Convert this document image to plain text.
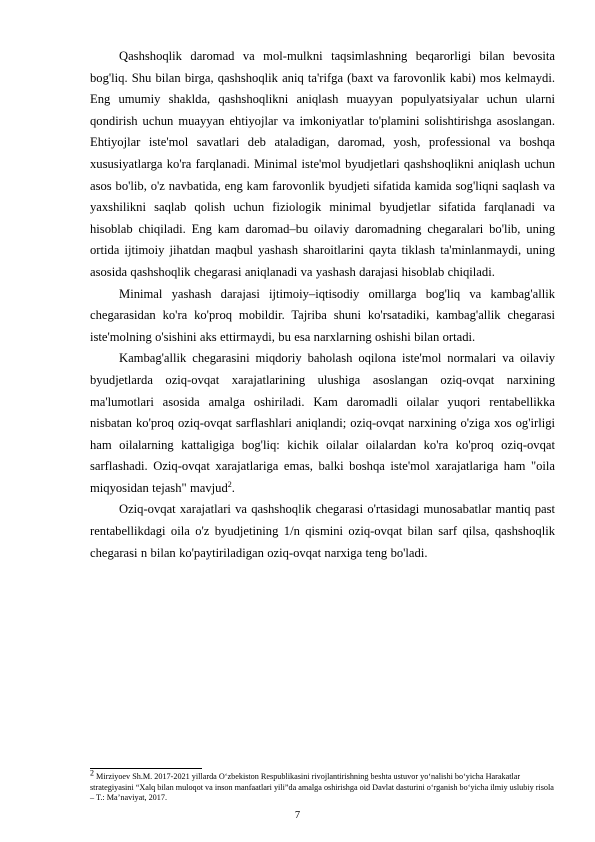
Qashshoqlik daromad va mol-mulkni taqsimlashning beqarorligi bilan bevosita bog'liq. Shu bilan birga, qashshoqlik aniq ta'rifga (baxt va farovonlik kabi) mos kelmaydi. Eng umumiy shaklda, qashshoqlikni aniqlash muayyan populyatsiyalar uchun ularni qondirish uchun muayyan ehtiyojlar va imkoniyatlar to'plamini solishtirishga asoslangan. Ehtiyojlar iste'mol savatlari deb ataladigan, daromad, yosh, professional va boshqa xususiyatlarga ko'ra farqlanadi. Minimal iste'mol byudjetlari qashshoqlikni aniqlash uchun asos bo'lib, o'z navbatida, eng kam farovonlik byudjeti sifatida kamida sog'liqni saqlash va yaxshilikni saqlab qolish uchun fiziologik minimal byudjetlar sifatida farqlanadi va hisoblab chiqiladi. Eng kam daromad–bu oilaviy daromadning chegaralari bo'lib, uning ortida ijtimoiy jihatdan maqbul yashash sharoitlarini qayta tiklash ta'minlanmaydi, uning asosida qashshoqlik chegarasi aniqlanadi va yashash darajasi hisoblab chiqiladi.

Minimal yashash darajasi ijtimoiy–iqtisodiy omillarga bog'liq va kambag'allik chegarasidan ko'ra ko'proq mobildir. Tajriba shuni ko'rsatadiki, kambag'allik chegarasi iste'molning o'sishini aks ettirmaydi, bu esa narxlarning oshishi bilan ortadi.

Kambag'allik chegarasini miqdoriy baholash oqilona iste'mol normalari va oilaviy byudjetlarda oziq-ovqat xarajatlarining ulushiga asoslangan oziq-ovqat narxining ma'lumotlari asosida amalga oshiriladi. Kam daromadli oilalar yuqori rentabellikka nisbatan ko'proq oziq-ovqat sarflashlari aniqlandi; oziq-ovqat narxining o'ziga xos og'irligi ham oilalarning kattaligiga bog'liq: kichik oilalar oilalardan ko'ra ko'proq oziq-ovqat sarflashadi. Oziq-ovqat xarajatlariga emas, balki boshqa iste'mol xarajatlariga ham "oila miqyosidan tejash" mavjud$^2$.

Oziq-ovqat xarajatlari va qashshoqlik chegarasi o'rtasidagi munosabatlar mantiq past rentabellikdagi oila o'z byudjetining 1/n qismini oziq-ovqat bilan sarf qilsa, qashshoqlik chegarasi n bilan ko'paytiriladigan oziq-ovqat narxiga teng bo'ladi.

$^2$ Mirziyoev Sh.M. 2017-2021 yillarda O‘zbekiston Respublikasini rivojlantirishning beshta ustuvor yo‘nalishi bo‘yicha Harakatlar strategiyasini “Xalq bilan muloqot va inson manfaatlari yili”da amalga oshirishga oid Davlat dasturini o‘rganish bo‘yicha ilmiy uslubiy risola – T.: Ma’naviyat, 2017.

7
